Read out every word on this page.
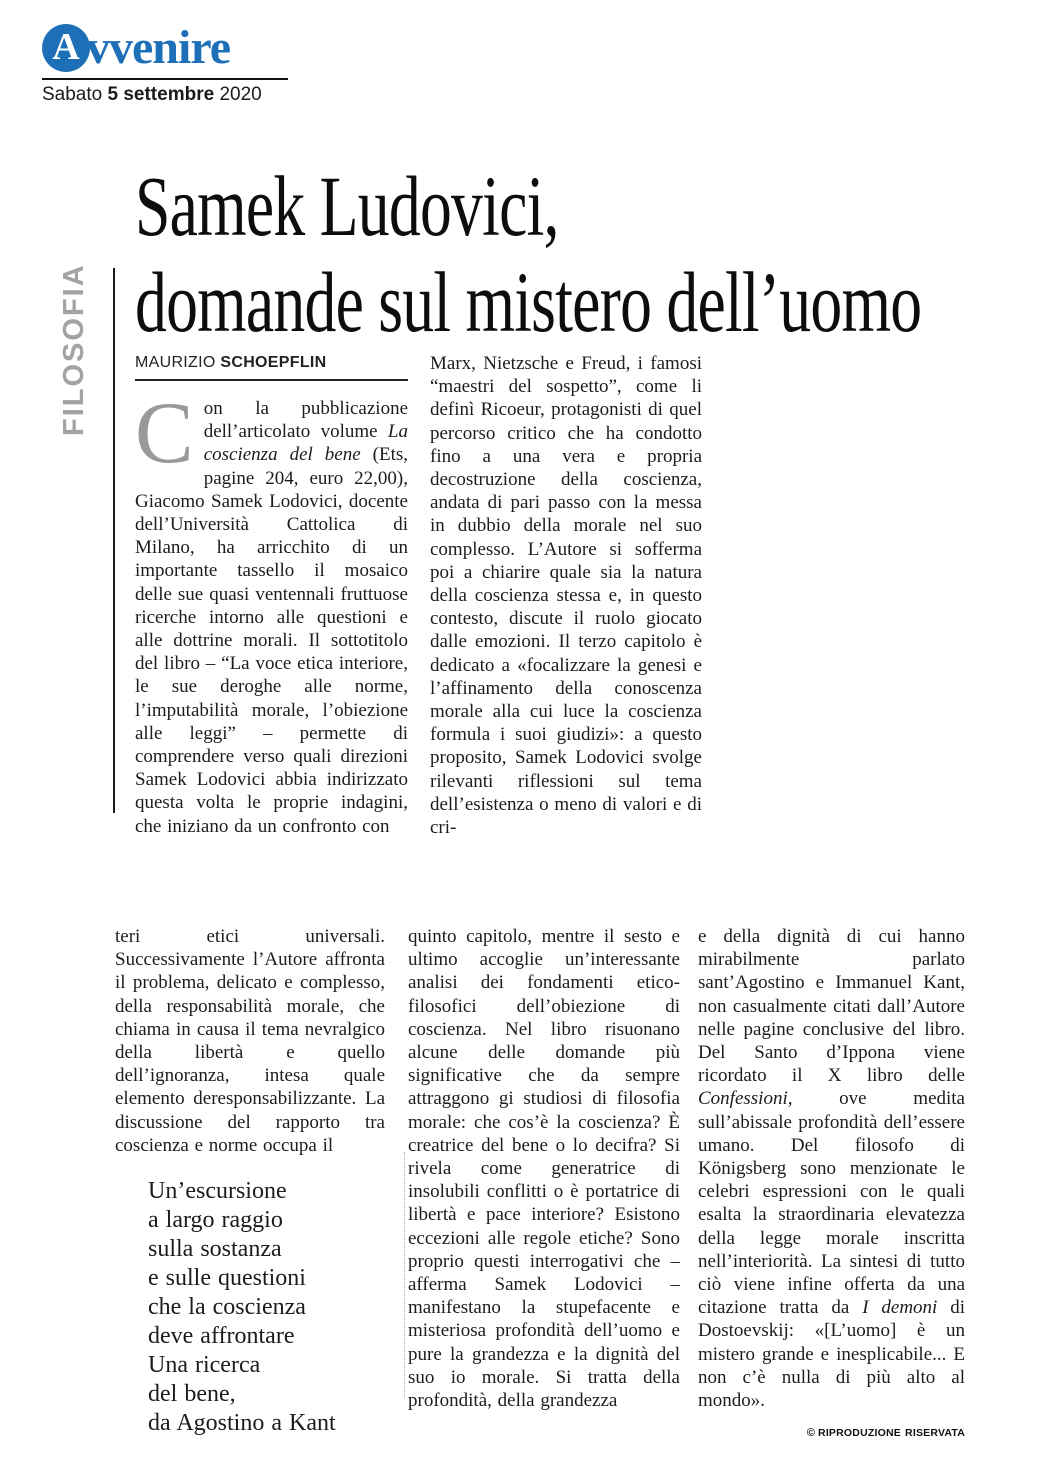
A vvenire
Sabato 5 settembre 2020
FILOSOFIA
Samek Ludovici,
domande sul mistero dell’uomo
MAURIZIO SCHOEPFLIN

Con la pubblicazione dell’articolato volume La coscienza del bene (Ets, pagine 204, euro 22,00), Giacomo Samek Lodovici, docente dell’Università Cattolica di Milano, ha arricchito di un importante tassello il mosaico delle sue quasi ventennali fruttuose ricerche intorno alle questioni e alle dottrine morali. Il sottotitolo del libro – “La voce etica interiore, le sue deroghe alle norme, l’imputabilità morale, l’obiezione alle leggi” – permette di comprendere verso quali direzioni Samek Lodovici abbia indirizzato questa volta le proprie indagini, che iniziano da un confronto con

Marx, Nietzsche e Freud, i famosi “maestri del sospetto”, come li definì Ricoeur, protagonisti di quel percorso critico che ha condotto fino a una vera e propria decostruzione della coscienza, andata di pari passo con la messa in dubbio della morale nel suo complesso. L’Autore si sofferma poi a chiarire quale sia la natura della coscienza stessa e, in questo contesto, discute il ruolo giocato dalle emozioni. Il terzo capitolo è dedicato a «focalizzare la genesi e l’affinamento della conoscenza morale alla cui luce la coscienza formula i suoi giudizi»: a questo proposito, Samek Lodovici svolge rilevanti riflessioni sul tema dell’esistenza o meno di valori e di cri-

teri etici universali. Successivamente l’Autore affronta il problema, delicato e complesso, della responsabilità morale, che chiama in causa il tema nevralgico della libertà e quello dell’ignoranza, intesa quale elemento deresponsabilizzante. La discussione del rapporto tra coscienza e norme occupa il

Un’escursione
a largo raggio
sulla sostanza
e sulle questioni
che la coscienza
deve affrontare
Una ricerca
del bene,
da Agostino a Kant

quinto capitolo, mentre il sesto e ultimo accoglie un’interessante analisi dei fondamenti etico-filosofici dell’obiezione di coscienza. Nel libro risuonano alcune delle domande più significative che da sempre attraggono gi studiosi di filosofia morale: che cos’è la coscienza? È creatrice del bene o lo decifra? Si rivela come generatrice di insolubili conflitti o è portatrice di libertà e pace interiore? Esistono eccezioni alle regole etiche? Sono proprio questi interrogativi che – afferma Samek Lodovici – manifestano la stupefacente e misteriosa profondità dell’uomo e pure la grandezza e la dignità del suo io morale. Si tratta della profondità, della grandezza

e della dignità di cui hanno mirabilmente parlato sant’Agostino e Immanuel Kant, non casualmente citati dall’Autore nelle pagine conclusive del libro. Del Santo d’Ippona viene ricordato il X libro delle Confessioni, ove medita sull’abissale profondità dell’essere umano. Del filosofo di Königsberg sono menzionate le celebri espressioni con le quali esalta la straordinaria elevatezza della legge morale inscritta nell’interiorità. La sintesi di tutto ciò viene infine offerta da una citazione tratta da I demoni di Dostoevskij: «[L’uomo] è un mistero grande e inesplicabile... E non c’è nulla di più alto al mondo».

© RIPRODUZIONE RISERVATA
